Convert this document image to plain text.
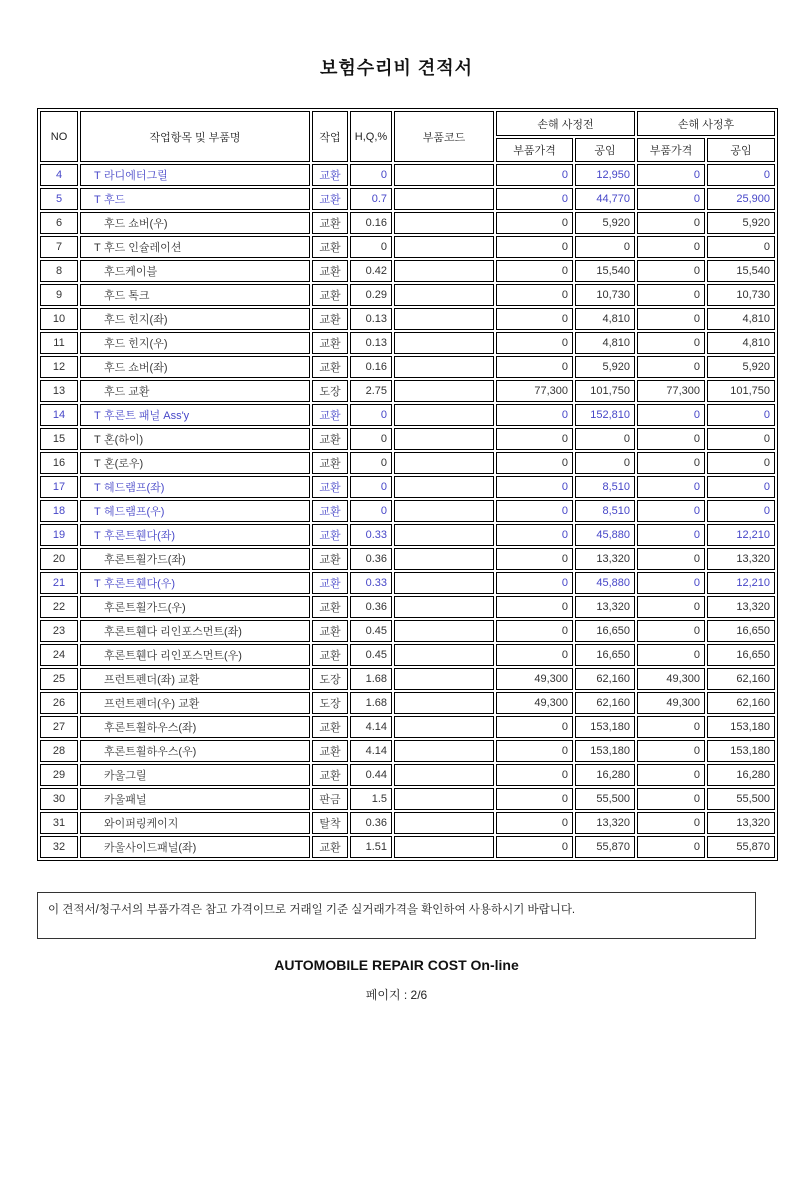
보험수리비 견적서
NO	작업항목 및 부품명	작업	H,Q,%	부품코드	손해 사정전		손해 사정후	
					부품가격	공임	부품가격	공임
4	T 라디에터그릴	교환	0		0	12,950	0	0
5	T 후드	교환	0.7		0	44,770	0	25,900
6	후드 쇼버(우)	교환	0.16		0	5,920	0	5,920
7	T 후드 인슐레이션	교환	0		0	0	0	0
8	후드케이블	교환	0.42		0	15,540	0	15,540
9	후드 톡크	교환	0.29		0	10,730	0	10,730
10	후드 힌지(좌)	교환	0.13		0	4,810	0	4,810
11	후드 힌지(우)	교환	0.13		0	4,810	0	4,810
12	후드 쇼버(좌)	교환	0.16		0	5,920	0	5,920
13	후드 교환	도장	2.75		77,300	101,750	77,300	101,750
14	T 후론트 패널 Ass'y	교환	0		0	152,810	0	0
15	T 혼(하이)	교환	0		0	0	0	0
16	T 혼(로우)	교환	0		0	0	0	0
17	T 헤드램프(좌)	교환	0		0	8,510	0	0
18	T 헤드램프(우)	교환	0		0	8,510	0	0
19	T 후론트휀다(좌)	교환	0.33		0	45,880	0	12,210
20	후론트휠가드(좌)	교환	0.36		0	13,320	0	13,320
21	T 후론트휀다(우)	교환	0.33		0	45,880	0	12,210
22	후론트휠가드(우)	교환	0.36		0	13,320	0	13,320
23	후론트휀다 리인포스먼트(좌)	교환	0.45		0	16,650	0	16,650
24	후론트휀다 리인포스먼트(우)	교환	0.45		0	16,650	0	16,650
25	프런트펜더(좌) 교환	도장	1.68		49,300	62,160	49,300	62,160
26	프런트펜더(우) 교환	도장	1.68		49,300	62,160	49,300	62,160
27	후론트휠하우스(좌)	교환	4.14		0	153,180	0	153,180
28	후론트휠하우스(우)	교환	4.14		0	153,180	0	153,180
29	카울그릴	교환	0.44		0	16,280	0	16,280
30	카울패널	판금	1.5		0	55,500	0	55,500
31	와이퍼링케이지	탈착	0.36		0	13,320	0	13,320
32	카울사이드패널(좌)	교환	1.51		0	55,870	0	55,870
이 견적서/청구서의 부품가격은 참고 가격이므로 거래일 기준 실거래가격을 확인하여 사용하시기 바랍니다.
AUTOMOBILE REPAIR COST On-line
페이지 : 2/6
